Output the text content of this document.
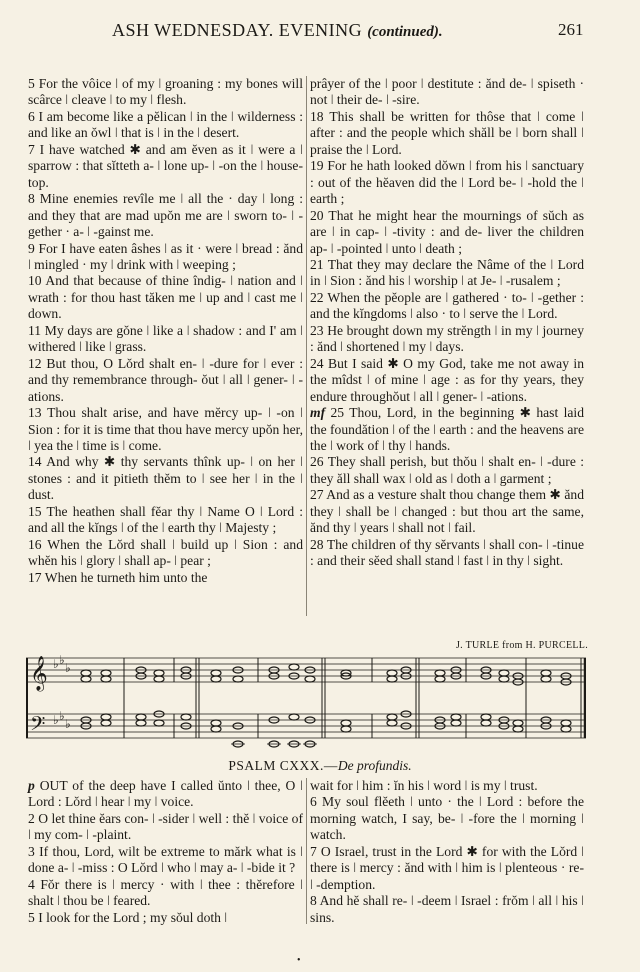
ASH WEDNESDAY. EVENING (continued).	261

5 For the vôice ǀ of my ǀ groaning : my bones will scârce ǀ cleave ǀ to my ǀ flesh.

6 I am become like a pĕlican ǀ in the ǀ wilderness : and like an ŏwl ǀ that is ǀ in the ǀ desert.

7 I have watched ✱ and am ĕven as it ǀ were a ǀ sparrow : that sĭtteth a- ǀ lone up- ǀ -on the ǀ house-top.

8 Mine enemies revîle me ǀ all the · day ǀ long : and they that are mad upŏn me are ǀ sworn to- ǀ -gether · a- ǀ -gainst me.

9 For I have eaten âshes ǀ as it · were ǀ bread : ănd ǀ mingled · my ǀ drink with ǀ weeping ;

10 And that because of thine îndig- ǀ nation and ǀ wrath : for thou hast tăken me ǀ up and ǀ cast me ǀ down.

11 My days are gŏne ǀ like a ǀ shadow : and I' am ǀ withered ǀ like ǀ grass.

12 But thou, O Lŏrd shalt en- ǀ -dure for ǀ ever : and thy remembrance through- ŏut ǀ all ǀ gener- ǀ -ations.

13 Thou shalt arise, and have mĕrcy up- ǀ -on ǀ Sion : for it is time that thou have mercy upŏn her, ǀ yea the ǀ time is ǀ come.

14 And why ✱ thy servants thînk up- ǀ on her ǀ stones : and it pitieth thĕm to ǀ see her ǀ in the ǀ dust.

15 The heathen shall fĕar thy ǀ Name O ǀ Lord : and all the kĭngs ǀ of the ǀ earth thy ǀ Majesty ;

16 When the Lŏrd shall ǀ build up ǀ Sion : and whĕn his ǀ glory ǀ shall ap- ǀ pear ;

17 When he turneth him unto the

prâyer of the ǀ poor ǀ destitute : ănd de- ǀ spiseth · not ǀ their de- ǀ -sire.

18 This shall be written for thôse that ǀ come ǀ after : and the people which shăll be ǀ born shall ǀ praise the ǀ Lord.

19 For he hath looked dŏwn ǀ from his ǀ sanctuary : out of the hĕaven did the ǀ Lord be- ǀ -hold the ǀ earth ;

20 That he might hear the mournings of sŭch as are ǀ in cap- ǀ -tivity : and de- liver the children ap- ǀ -pointed ǀ unto ǀ death ;

21 That they may declare the Nâme of the ǀ Lord in ǀ Sion : ănd his ǀ worship ǀ at Je- ǀ -rusalem ;

22 When the pĕople are ǀ gathered · to- ǀ -gether : and the kĭngdoms ǀ also · to ǀ serve the ǀ Lord.

23 He brought down my strĕngth ǀ in my ǀ journey : ănd ǀ shortened ǀ my ǀ days.

24 But I said ✱ O my God, take me not away in the mîdst ǀ of mine ǀ age : as for thy years, they endure throughŏut ǀ all ǀ gener- ǀ -ations.

mf 25 Thou, Lord, in the beginning ✱ hast laid the foundătion ǀ of the ǀ earth : and the heavens are the ǀ work of ǀ thy ǀ hands.

26 They shall perish, but thŏu ǀ shalt en- ǀ -dure : they ăll shall wax ǀ old as ǀ doth a ǀ garment ;

27 And as a vesture shalt thou change them ✱ ănd they ǀ shall be ǀ changed : but thou art the same, ănd thy ǀ years ǀ shall not ǀ fail.

28 The children of thy sĕrvants ǀ shall con- ǀ -tinue : and their sĕed shall stand ǀ fast ǀ in thy ǀ sight.

J. TURLE from H. PURCELL.
𝄞
𝄢
♭ ♭
♭
♭ ♭
♭
PSALM CXXX.—De profundis.

p OUT of the deep have I called ŭnto ǀ thee, O ǀ Lord : Lŏrd ǀ hear ǀ my ǀ voice.

2 O let thine ĕars con- ǀ -sider ǀ well : thĕ ǀ voice of ǀ my com- ǀ -plaint.

3 If thou, Lord, wilt be extreme to mărk what is ǀ done a- ǀ -miss : O Lŏrd ǀ who ǀ may a- ǀ -bide it ?

4 Fŏr there is ǀ mercy · with ǀ thee : thĕrefore ǀ shalt ǀ thou be ǀ feared.

5 I look for the Lord ; my sŏul doth ǀ

wait for ǀ him : ĭn his ǀ word ǀ is my ǀ trust.

6 My soul flĕeth ǀ unto · the ǀ Lord : before the morning watch, I say, be- ǀ -fore the ǀ morning ǀ watch.

7 O Israel, trust in the Lord ✱ for with the Lŏrd ǀ there is ǀ mercy : ănd with ǀ him is ǀ plenteous · re- ǀ -demption.

8 And hĕ shall re- ǀ -deem ǀ Israel : frŏm ǀ all ǀ his ǀ sins.

•
